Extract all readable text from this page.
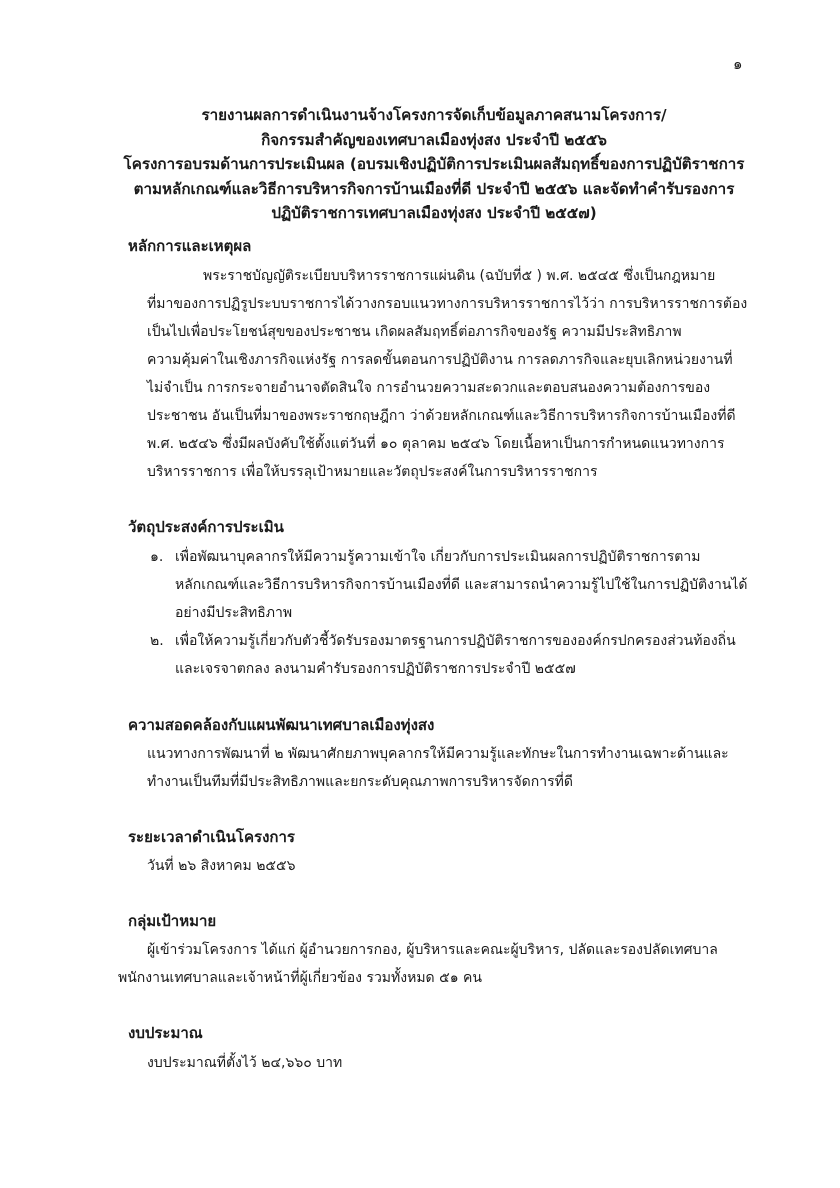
๑
รายงานผลการดำเนินงานจ้างโครงการจัดเก็บข้อมูลภาคสนามโครงการ/
กิจกรรมสำคัญของเทศบาลเมืองทุ่งสง ประจำปี ๒๕๕๖
โครงการอบรมด้านการประเมินผล (อบรมเชิงปฏิบัติการประเมินผลสัมฤทธิ์ของการปฏิบัติราชการ
ตามหลักเกณฑ์และวิธีการบริหารกิจการบ้านเมืองที่ดี ประจำปี ๒๕๕๖ และจัดทำคำรับรองการ
ปฏิบัติราชการเทศบาลเมืองทุ่งสง ประจำปี ๒๕๕๗)
หลักการและเหตุผล
พระราชบัญญัติระเบียบบริหารราชการแผ่นดิน (ฉบับที่๕ ) พ.ศ. ๒๕๔๕ ซึ่งเป็นกฎหมาย
ที่มาของการปฏิรูประบบราชการได้วางกรอบแนวทางการบริหารราชการไว้ว่า การบริหารราชการต้อง
เป็นไปเพื่อประโยชน์สุขของประชาชน เกิดผลสัมฤทธิ์ต่อภารกิจของรัฐ ความมีประสิทธิภาพ
ความคุ้มค่าในเชิงภารกิจแห่งรัฐ การลดขั้นตอนการปฏิบัติงาน การลดภารกิจและยุบเลิกหน่วยงานที่
ไม่จำเป็น การกระจายอำนาจตัดสินใจ การอำนวยความสะดวกและตอบสนองความต้องการของ
ประชาชน อันเป็นที่มาของพระราชกฤษฎีกา ว่าด้วยหลักเกณฑ์และวิธีการบริหารกิจการบ้านเมืองที่ดี
พ.ศ. ๒๕๔๖ ซึ่งมีผลบังคับใช้ตั้งแต่วันที่ ๑๐ ตุลาคม ๒๕๔๖ โดยเนื้อหาเป็นการกำหนดแนวทางการ
บริหารราชการ เพื่อให้บรรลุเป้าหมายและวัตถุประสงค์ในการบริหารราชการ
วัตถุประสงค์การประเมิน
๑. เพื่อพัฒนาบุคลากรให้มีความรู้ความเข้าใจ เกี่ยวกับการประเมินผลการปฏิบัติราชการตาม
หลักเกณฑ์และวิธีการบริหารกิจการบ้านเมืองที่ดี และสามารถนำความรู้ไปใช้ในการปฏิบัติงานได้
อย่างมีประสิทธิภาพ
๒. เพื่อให้ความรู้เกี่ยวกับตัวชี้วัดรับรองมาตรฐานการปฏิบัติราชการขององค์กรปกครองส่วนท้องถิ่น
และเจรจาตกลง ลงนามคำรับรองการปฏิบัติราชการประจำปี ๒๕๕๗
ความสอดคล้องกับแผนพัฒนาเทศบาลเมืองทุ่งสง
แนวทางการพัฒนาที่ ๒ พัฒนาศักยภาพบุคลากรให้มีความรู้และทักษะในการทำงานเฉพาะด้านและ
ทำงานเป็นทีมที่มีประสิทธิภาพและยกระดับคุณภาพการบริหารจัดการที่ดี
ระยะเวลาดำเนินโครงการ
วันที่ ๒๖ สิงหาคม ๒๕๕๖
กลุ่มเป้าหมาย
ผู้เข้าร่วมโครงการ ได้แก่ ผู้อำนวยการกอง, ผู้บริหารและคณะผู้บริหาร, ปลัดและรองปลัดเทศบาล
พนักงานเทศบาลและเจ้าหน้าที่ผู้เกี่ยวข้อง รวมทั้งหมด ๕๑ คน
งบประมาณ
งบประมาณที่ตั้งไว้ ๒๔,๖๖๐ บาท
